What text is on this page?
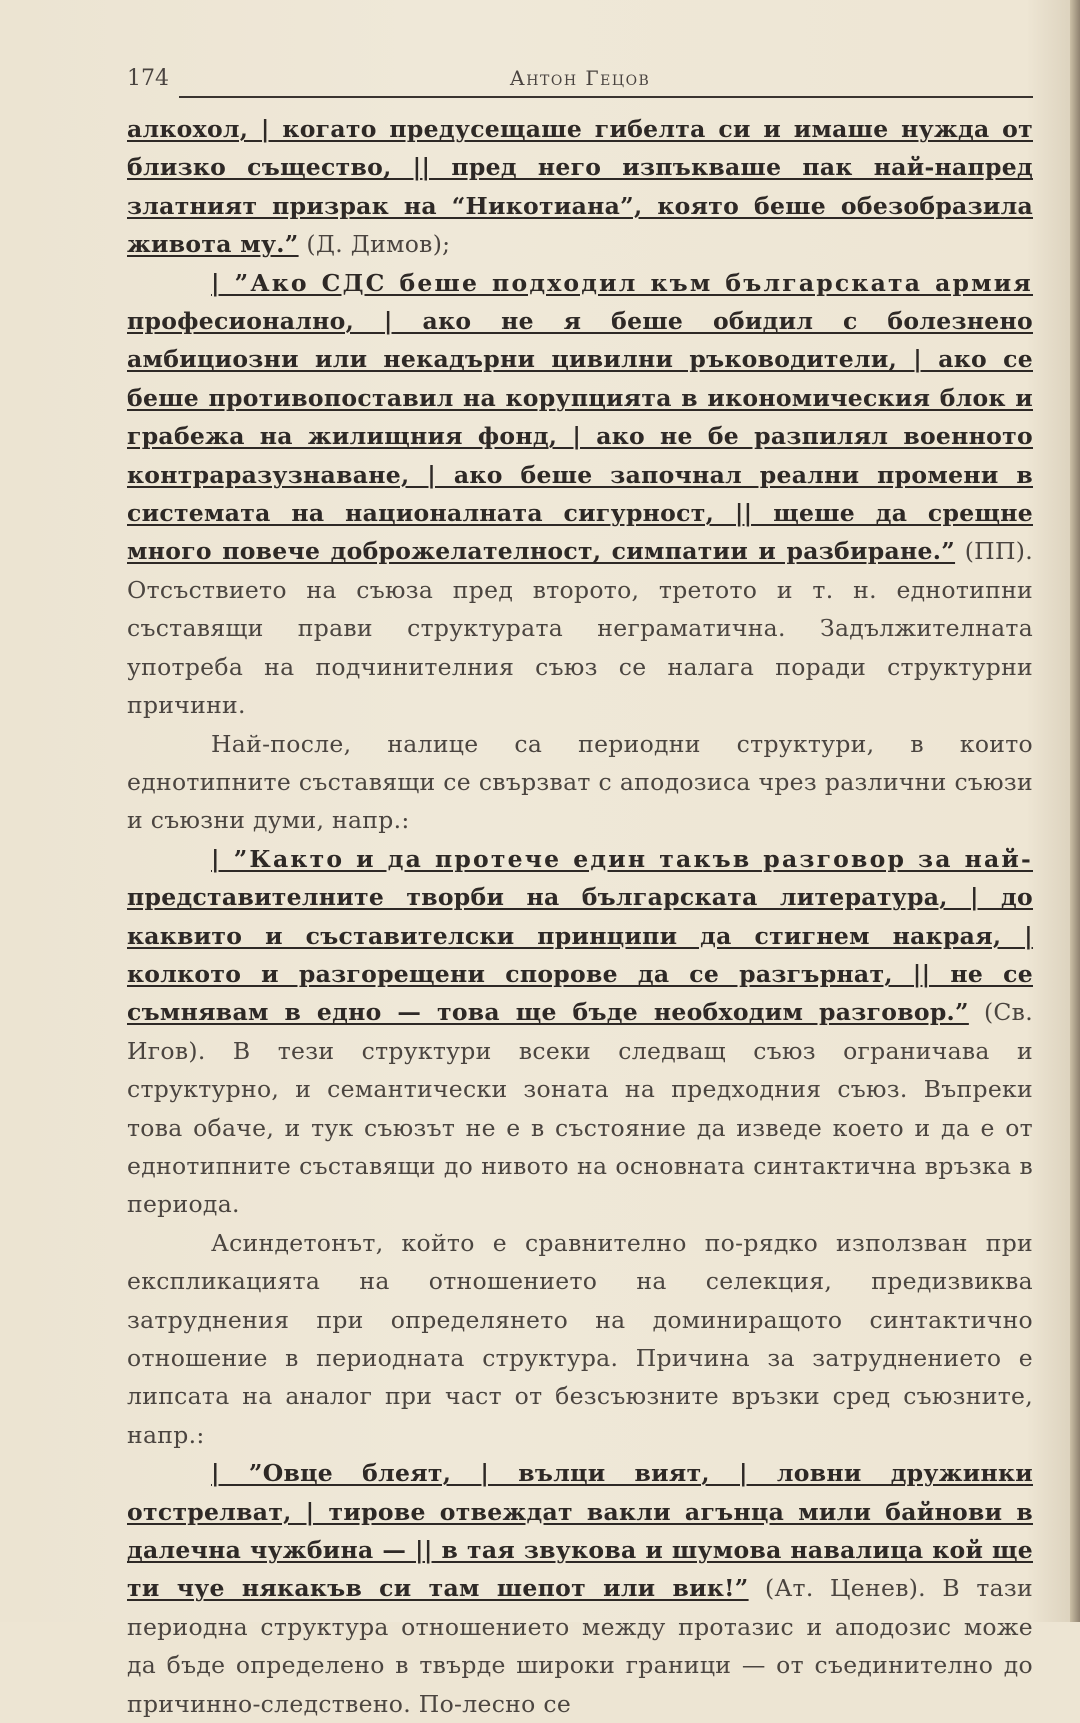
174	Антон Гецов

алкохол, | когато предусещаше гибелта си и имаше нужда от близко същество, || пред него изпъкваше пак най-напред златният призрак на “Никотиана”, която беше обезобразила живота му.” (Д. Димов);

| ”Ако СДС беше подходил към българската армия професионално, | ако не я беше обидил с болезнено амбициозни или некадърни цивилни ръководители, | ако се беше противопоставил на корупцията в икономическия блок и грабежа на жилищния фонд, | ако не бе разпилял военното контраразузнаване, | ако беше започнал реални промени в системата на националната сигурност, || щеше да срещне много повече доброжелателност, симпатии и разбиране.” (ПП). Отсъствието на съюза пред второто, третото и т. н. еднотипни съставящи прави структурата неграматична. Задължителната употреба на подчинителния съюз се налага поради структурни причини.

Най-после, налице са периодни структури, в които еднотипните съставящи се свързват с аподозиса чрез различни съюзи и съюзни думи, напр.:

| ”Както и да протече един такъв разговор за най-представителните творби на българската литература, | до каквито и съставителски принципи да стигнем накрая, | колкото и разгорещени спорове да се разгърнат, || не се съмнявам в едно — това ще бъде необходим разговор.” (Св. Игов). В тези структури всеки следващ съюз ограничава и структурно, и семантически зоната на предходния съюз. Въпреки това обаче, и тук съюзът не е в състояние да изведе което и да е от еднотипните съставящи до нивото на основната синтактична връзка в периода.

Асиндетонът, който е сравнително по-рядко използван при експликацията на отношението на селекция, предизвиква затруднения при определянето на доминиращото синтактично отношение в периодната структура. Причина за затруднението е липсата на аналог при част от безсъюзните връзки сред съюзните, напр.:

| ”Овце блеят, | вълци вият, | ловни дружинки отстрелват, | тирове отвеждат вакли агънца мили байнови в далечна чужбина — || в тая звукова и шумова навалица кой ще ти чуе някакъв си там шепот или вик!” (Ат. Ценев). В тази периодна структура отношението между протазис и аподозис може да бъде определено в твърде широки граници — от съединително до причинно-следствено. По-лесно се
